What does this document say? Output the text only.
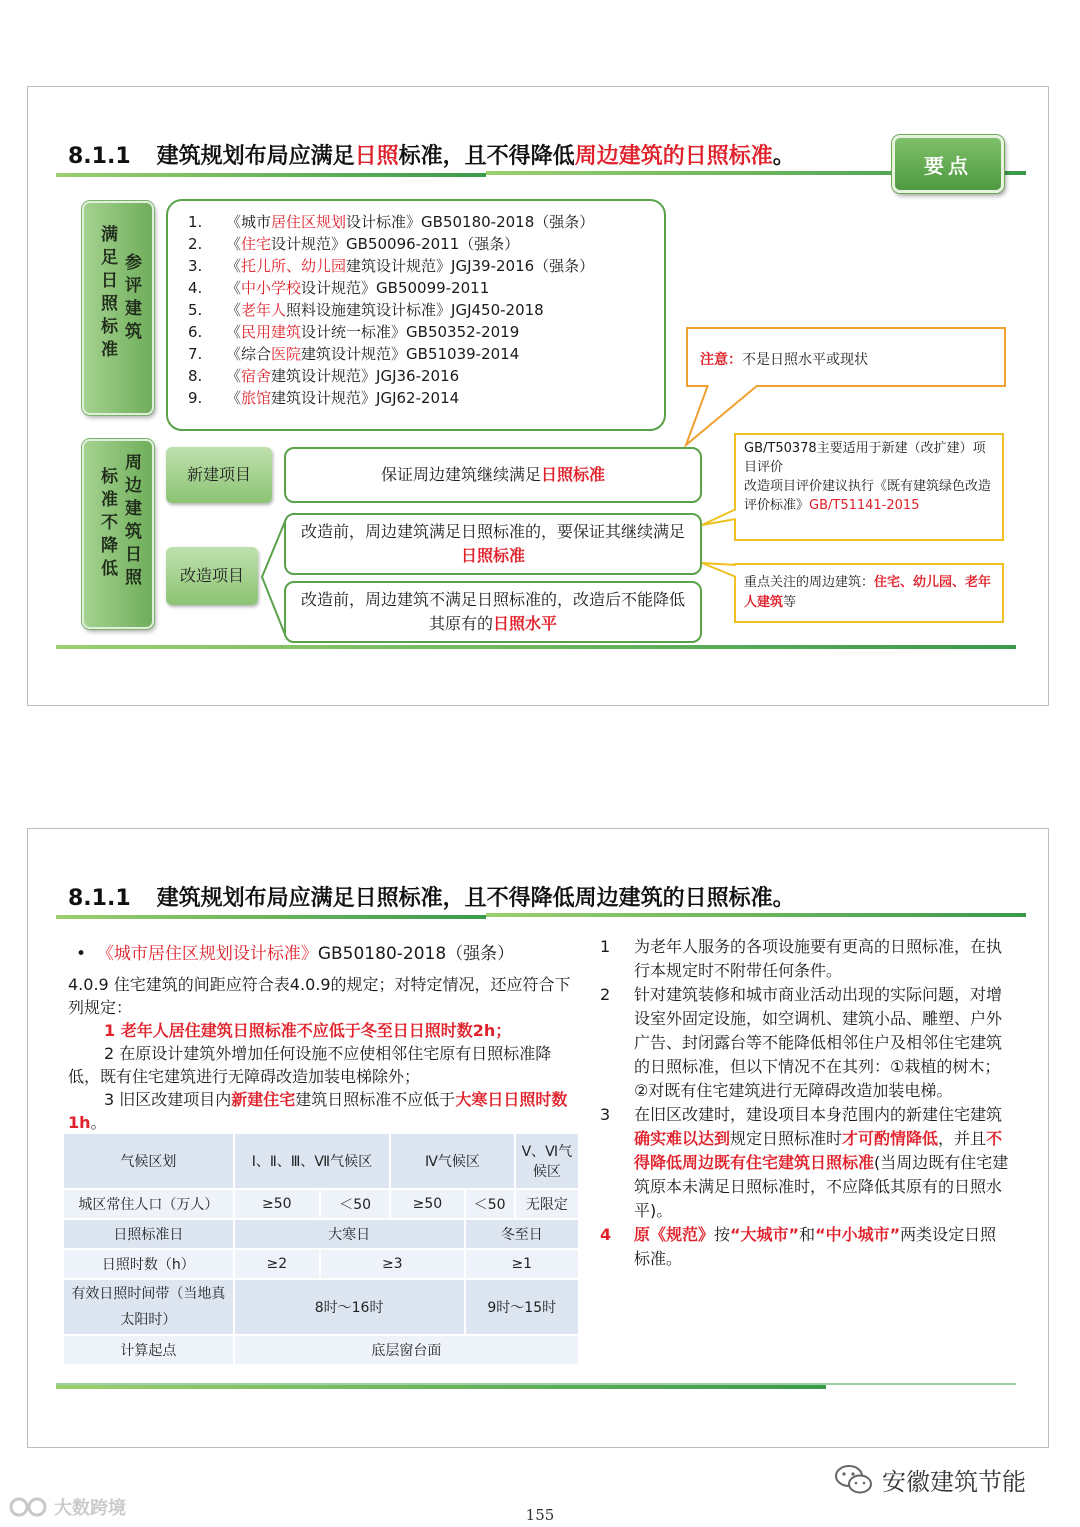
8.1.1 建筑规划布局应满足日照标准，且不得降低周边建筑的日照标准。	要点
满足日照标准 参评建筑
1. 《城市居住区规划设计标准》GB50180-2018（强条）
2. 《住宅设计规范》GB50096-2011（强条）
3. 《托儿所、幼儿园建筑设计规范》JGJ39-2016（强条）
4. 《中小学校设计规范》GB50099-2011
5. 《老年人照料设施建筑设计标准》JGJ450-2018
6. 《民用建筑设计统一标准》GB50352-2019
7. 《综合医院建筑设计规范》GB51039-2014
8. 《宿舍建筑设计规范》JGJ36-2016
9. 《旅馆建筑设计规范》JGJ62-2014
注意：不是日照水平或现状
标准不降低 周边建筑日照	新建项目	保证周边建筑继续满足日照标准
改造项目
改造前，周边建筑满足日照标准的，要保证其继续满足日照标准
改造前，周边建筑不满足日照标准的，改造后不能降低其原有的日照水平
GB/T50378主要适用于新建（改扩建）项目评价
改造项目评价建议执行《既有建筑绿色改造评价标准》GB/T51141-2015
重点关注的周边建筑：住宅、幼儿园、老年人建筑等
8.1.1 建筑规划布局应满足日照标准，且不得降低周边建筑的日照标准。
• 《城市居住区规划设计标准》GB50180-2018（强条）
4.0.9 住宅建筑的间距应符合表4.0.9的规定；对特定情况，还应符合下列规定：
1 老年人居住建筑日照标准不应低于冬至日日照时数2h；
2 在原设计建筑外增加任何设施不应使相邻住宅原有日照标准降低，既有住宅建筑进行无障碍改造加装电梯除外；
3 旧区改建项目内新建住宅建筑日照标准不应低于大寒日日照时数1h。
气候区划	Ⅰ、Ⅱ、Ⅲ、Ⅶ气候区		Ⅳ气候区		Ⅴ、Ⅵ气候区
城区常住人口（万人）	≥50	＜50	≥50	＜50	无限定
日照标准日	大寒日			冬至日	
日照时数（h）	≥2	≥3		≥1	
有效日照时间带（当地真太阳时）	8时～16时			9时～15时	
计算起点	底层窗台面				

1 为老年人服务的各项设施要有更高的日照标准，在执行本规定时不附带任何条件。

2 针对建筑装修和城市商业活动出现的实际问题，对增设室外固定设施，如空调机、建筑小品、雕塑、户外广告、封闭露台等不能降低相邻住户及相邻住宅建筑的日照标准，但以下情况不在其列：①栽植的树木；②对既有住宅建筑进行无障碍改造加装电梯。

3 在旧区改建时，建设项目本身范围内的新建住宅建筑确实难以达到规定日照标准时才可酌情降低，并且不得降低周边既有住宅建筑日照标准(当周边既有住宅建筑原本未满足日照标准时，不应降低其原有的日照水平)。

4 原《规范》按“大城市”和“中小城市”两类设定日照标准。

安徽建筑节能
大数跨境	155
